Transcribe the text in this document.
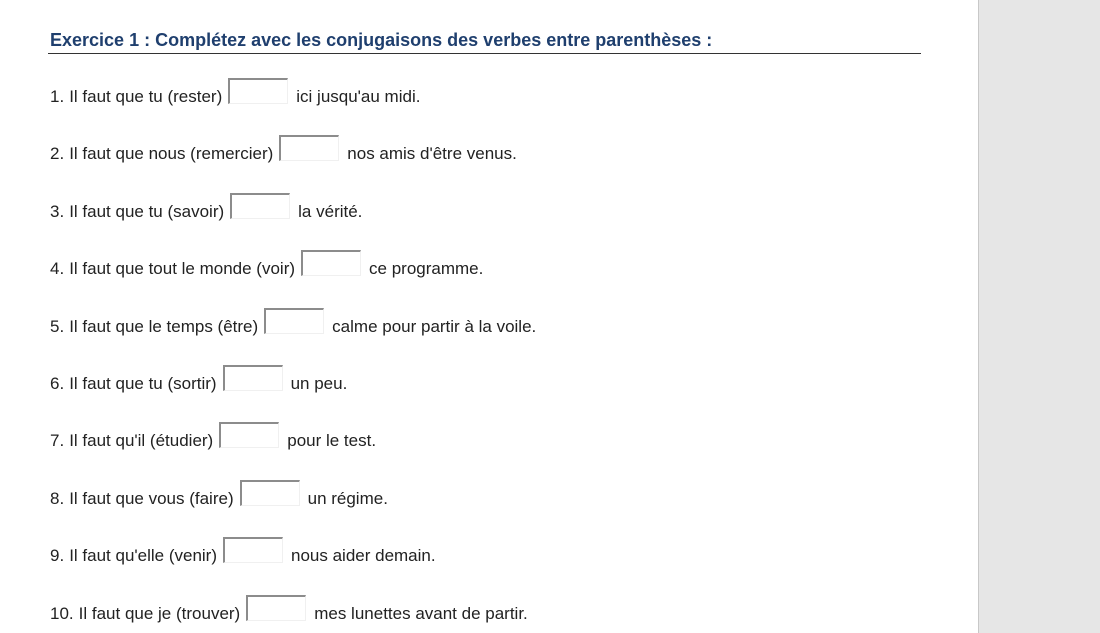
Exercice 1 : Complétez avec les conjugaisons des verbes entre parenthèses :
1. Il faut que tu (rester)	ici jusqu'au midi.
2. Il faut que nous (remercier)	nos amis d'être venus.
3. Il faut que tu (savoir)	la vérité.
4. Il faut que tout le monde (voir)	ce programme.
5. Il faut que le temps (être)	calme pour partir à la voile.
6. Il faut que tu (sortir)	un peu.
7. Il faut qu'il (étudier)	pour le test.
8. Il faut que vous (faire)	un régime.
9. Il faut qu'elle (venir)	nous aider demain.
10. Il faut que je (trouver)	mes lunettes avant de partir.
